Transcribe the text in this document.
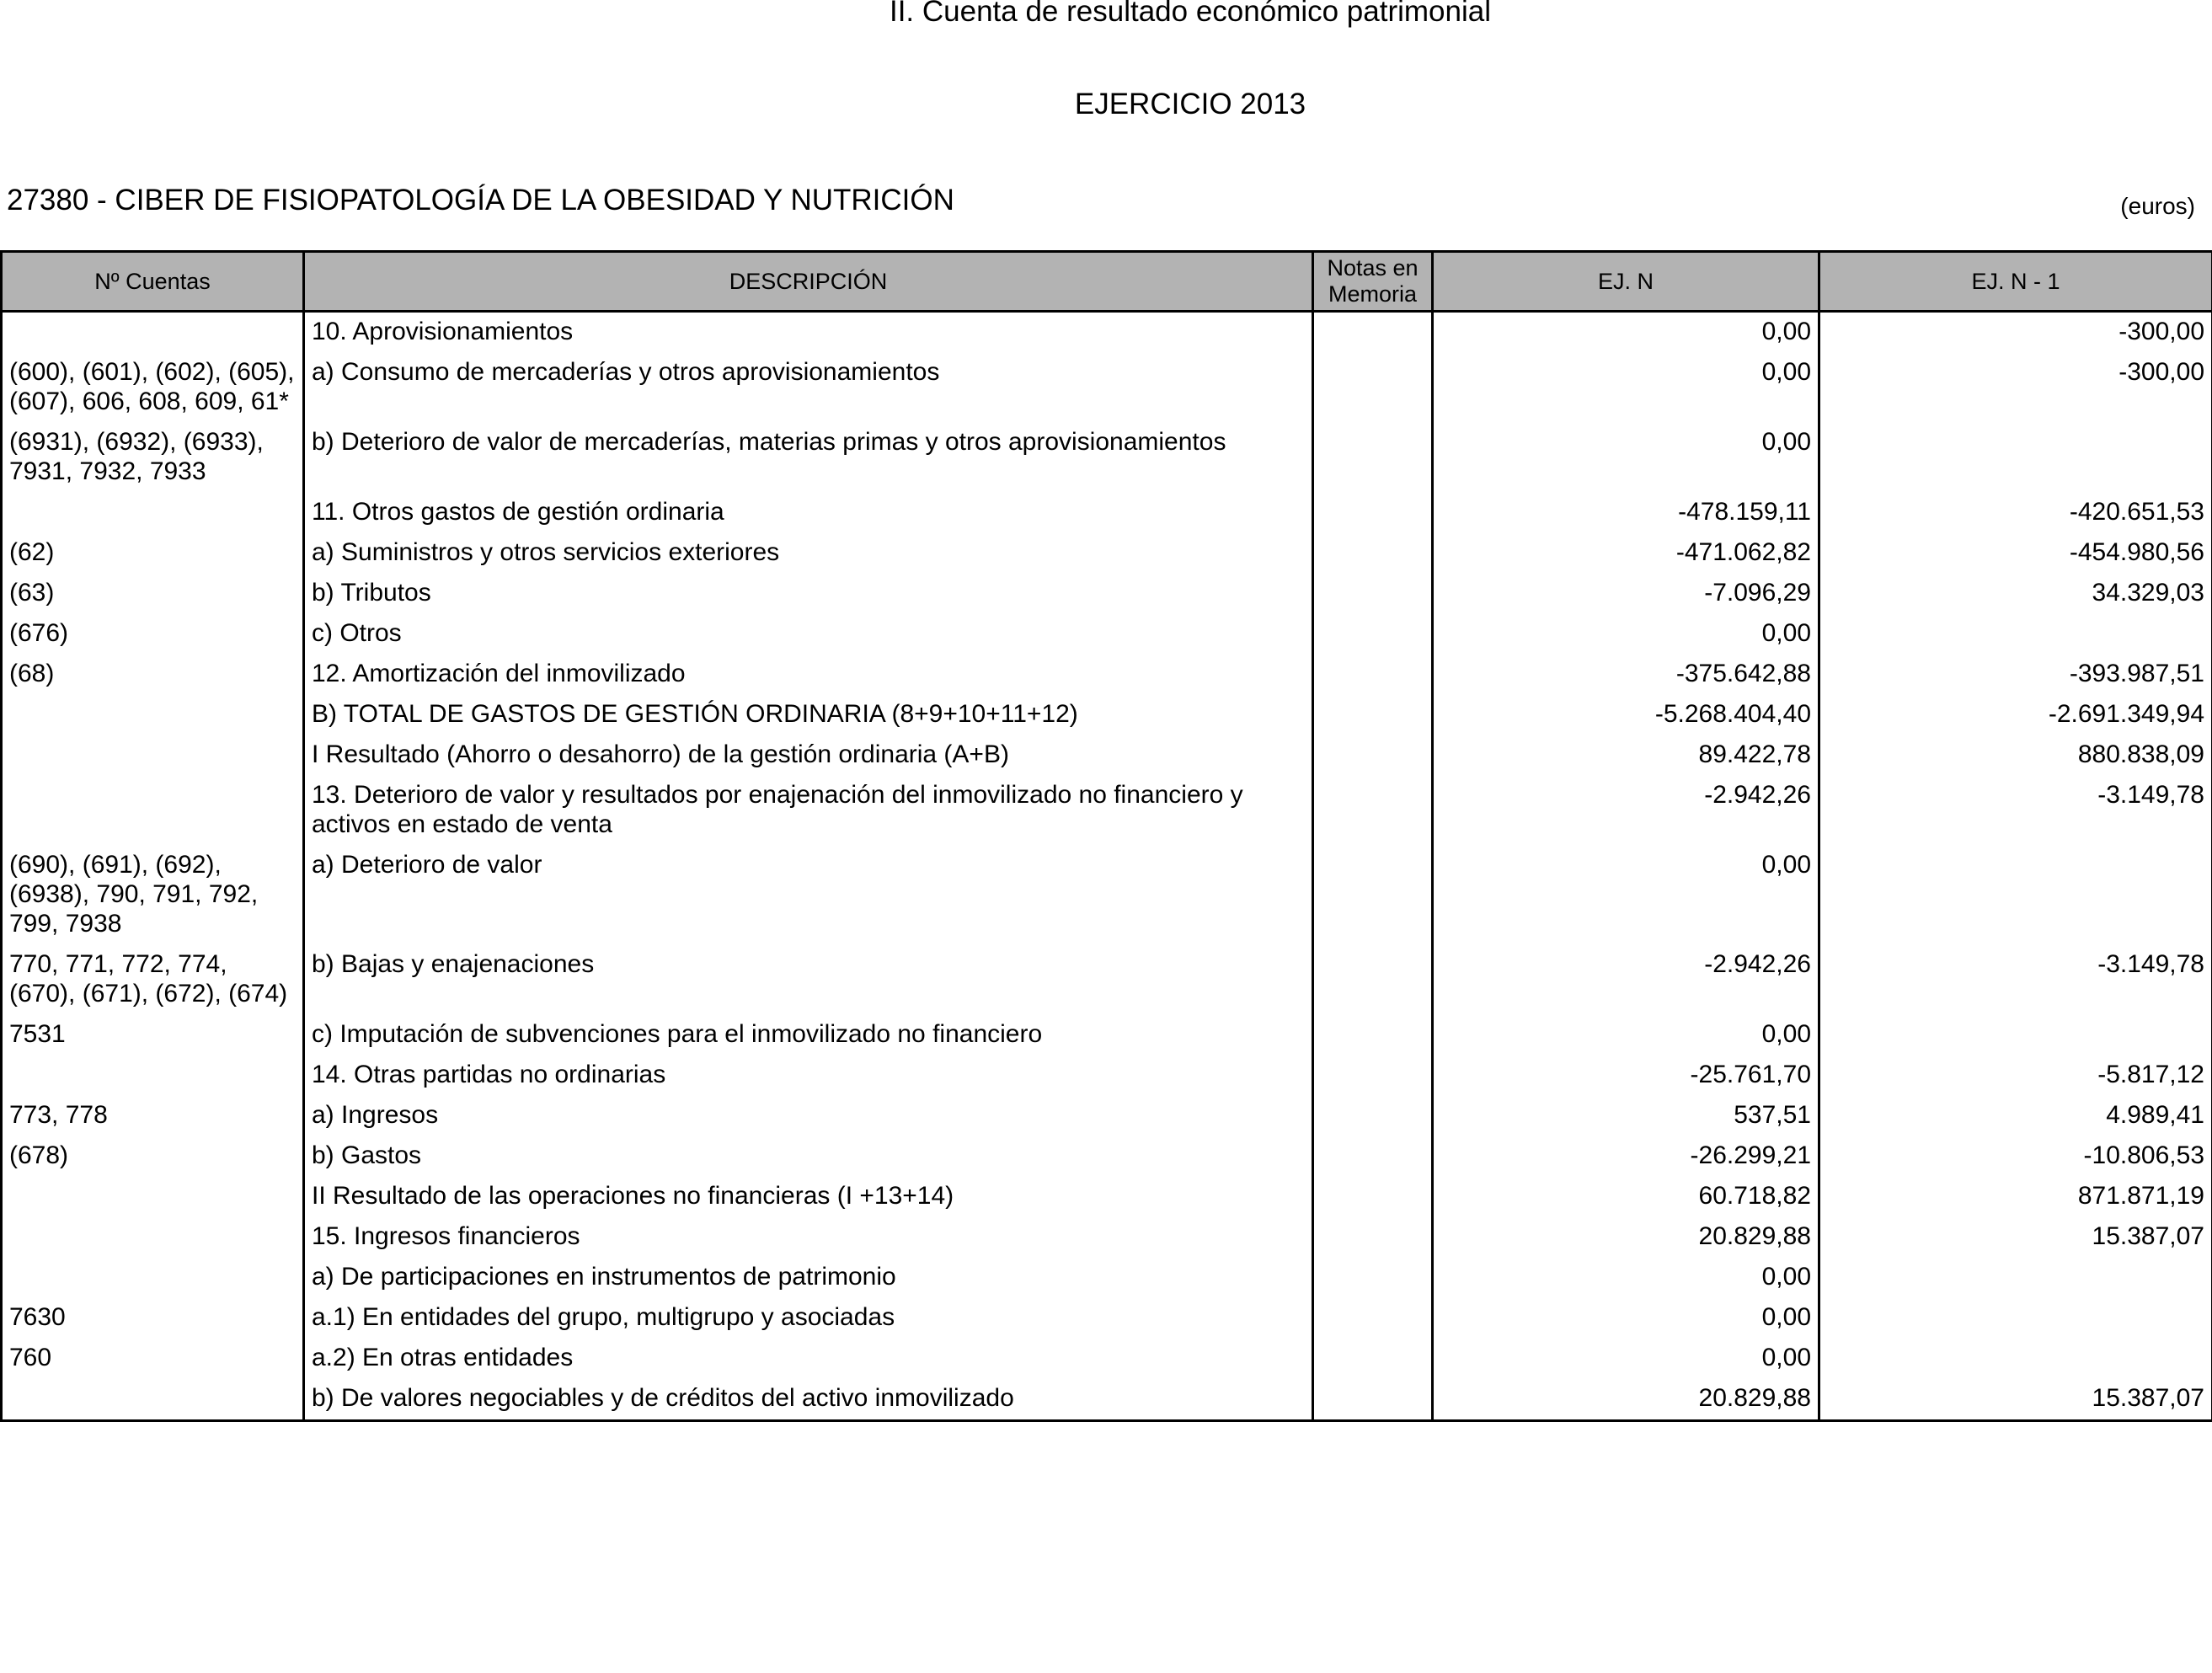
II. Cuenta de resultado económico patrimonial
EJERCICIO 2013
27380 - CIBER DE FISIOPATOLOGÍA DE LA OBESIDAD Y NUTRICIÓN	(euros)
Nº Cuentas	DESCRIPCIÓN	Notas en Memoria	EJ. N	EJ. N - 1
	10. Aprovisionamientos		0,00	-300,00
(600), (601), (602), (605), (607), 606, 608, 609, 61*	a) Consumo de mercaderías y otros aprovisionamientos		0,00	-300,00
(6931), (6932), (6933), 7931, 7932, 7933	b) Deterioro de valor de mercaderías, materias primas y otros aprovisionamientos		0,00	
	11. Otros gastos de gestión ordinaria		-478.159,11	-420.651,53
(62)	a) Suministros y otros servicios exteriores		-471.062,82	-454.980,56
(63)	b) Tributos		-7.096,29	34.329,03
(676)	c) Otros		0,00	
(68)	12. Amortización del inmovilizado		-375.642,88	-393.987,51
	B) TOTAL DE GASTOS DE GESTIÓN ORDINARIA (8+9+10+11+12)		-5.268.404,40	-2.691.349,94
	I Resultado (Ahorro o desahorro) de la gestión ordinaria (A+B)		89.422,78	880.838,09
	13. Deterioro de valor y resultados por enajenación del inmovilizado no financiero y activos en estado de venta		-2.942,26	-3.149,78
(690), (691), (692), (6938), 790, 791, 792, 799, 7938	a) Deterioro de valor		0,00	
770, 771, 772, 774, (670), (671), (672), (674)	b) Bajas y enajenaciones		-2.942,26	-3.149,78
7531	c) Imputación de subvenciones para el inmovilizado no financiero		0,00	
	14. Otras partidas no ordinarias		-25.761,70	-5.817,12
773, 778	a) Ingresos		537,51	4.989,41
(678)	b) Gastos		-26.299,21	-10.806,53
	II Resultado de las operaciones no financieras (I +13+14)		60.718,82	871.871,19
	15. Ingresos financieros		20.829,88	15.387,07
	a) De participaciones en instrumentos de patrimonio		0,00	
7630	a.1) En entidades del grupo, multigrupo y asociadas		0,00	
760	a.2) En otras entidades		0,00	
	b) De valores negociables y de créditos del activo inmovilizado		20.829,88	15.387,07
